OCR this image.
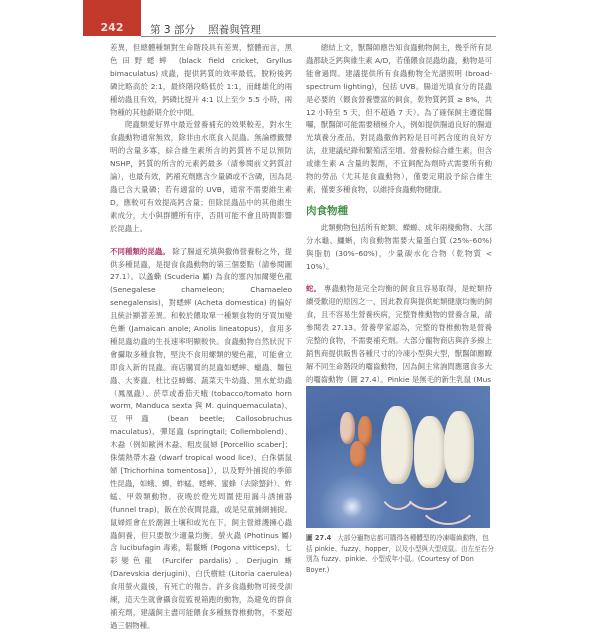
242	第 3 部分 照養與管理

差異，但總體種類對生命階段具有差異，整體而言，黑色田野蟋蟀 (black field cricket, Gryllus bimaculatus) 成蟲，提供鈣質的效率最低，脫粉後鈣磷比略高於 2:1，最終階段略低於 1:1，而雌雄化的兩種幼蟲且有效，鈣磷比提升 4:1 以上至少 5.5 小時，兩物種的其他齡期介於中間。

爬蟲類愛好界中最近營養補充的效果較差，對水生食蟲動物通常無效，除非由水底食入昆蟲。無論標籤聲明的含量多寡，綜合維生素所含的鈣質皆不足以預防 NSHP，鈣質的所含的元素鈣最多（請參閱前文鈣質討論），也最有效，鈣補充劑應含少量磷或不含磷，因為昆蟲已含大量磷；若有適當的 UVB，通常不需要維生素 D，應較可有效提高鈣含量；但除昆蟲品中的其他維生素成分，大小與群體所有序，否則可能不會且時間影響於昆蟲上。

不同種類的昆蟲。 除了腸道充填與撒佈營養粉之外，提供多種昆蟲，是提食食蟲動物的第三個要點（請參閱圖 27.1）。以螽蟖 (Scuderia 屬) 為食的塞內加爾變色龍 (Senegalese chameleon; Chamaeleo senegalensis)，對蟋蟀 (Acheta domestica) 的偏好且統計顯著差異。和較於餵取單一種類食物的牙買加變色蜥 (Jamaican anole; Anolis lineatopus)，食用多種昆蟲幼蟲的生長速率明顯較快。食蟲動物自然狀況下會攝取多種食物，堅決不食用螺類的變色龍，可能會立即食入新的昆蟲。商店購買的昆蟲如蟋蟀、蠟蟲、麵包蟲、大麥蟲、杜比亞蟑螂、蔬菜天牛幼蟲、黑水虻幼蟲（鳳凰蟲）、菸草或番茄天蛾 (tobacco/tomato horn worm, Manduca sexta 與 M. quinquemaculata)、豆甲蟲 (bean beetle; Callosobruchus maculatus)、彈尾蟲 (springtail; Collembolend)、木蝨（例如歐洲木蝨、粗皮鼠婦 [Porcellio scaber]；侏儒熱帶木蝨 (dwarf tropical wood lice)、白侏儒鼠婦 [Trichorhina tomentosa]），以及野外捕捉的季節性昆蟲，如蛾、蟬、蚱蜢、蟋蟀、蜜蜂（去除螫針）、蚱蜢、甲殼類動物、夜晚於燈光周圍使用漏斗誘捕器 (funnel trap)，飯在於夜間昆蟲，或是兒童捕網捕捉。鼠婦經會在於潮濕土壤和或光在下，飼主營維護擁心蟲蟲飼養，但只要散少適量均衡。螢火蟲 (Photinus 屬) 含 lucibufagin 毒素，鬆鬣蜥 (Pogona vitticeps)、七彩變色龍 (Furcifer pardalis)、Derjugin 蜥 (Darevskia derjugini)、白氏樹蛙 (Litoria caerulea) 食用螢火蟲後，有死亡的報告。許多食蟲動物可接受訓練，這天生就會攝食從監視箱跑的動物，為避免的群食補充劑，建議飼主盡可能餵食多種無脊椎動物，不要超過三個物種。

總結上文，獸醫師應告知食蟲動物飼主，幾乎所有昆蟲都缺乏鈣與維生素 A/D，若僅餵食昆蟲幼蟲，動物是可能會過問。建議提供所有食蟲動物全光譜照明 (broad-spectrum lighting)，包括 UVB。腸道光填食分的昆蟲是必要的（餵食營養豐富的飼食，乾物質鈣質 ≥ 8%，共 12 小時至 5 天，但不超過 7 天）。為了確保飼主遵從醫囑，獸醫師可能需要積極介入，例如提供腸道良好的腸道光填養分產品，對昆蟲撒佈鈣粉是目可鈣含度的良好方法，並建議紀錄和繁殖活至增。營養粉綜合維生素，但含或維生素 A 含量的製劑，不宜飼配為劑時式需要所有動物的勞品（尤其是食蟲動物），僅要定期設予綜合維生素，僅要多種食物，以維持食蟲動物健康。

肉食物種

此類動物包括所有蛇類、蠑螈、成年兩棲動物、大部分水龜、鱷蜥，肉食動物需要大量蛋白質 (25%–60%) 與脂肪 (30%–60%)，少量碳水化合物（乾物質 < 10%）。

蛇。 專蟲動物是完全均衡的飼食且容易取得，是蛇類持續受歡迎的原因之一，因此教育與提供蛇類健康均衡的飼食，且不容易生營養疾病，完整脊椎動物的營養含量，請參閱表 27.13。營養學家認為，完整的脊椎動物是營養完整的食物，不需要補充劑。大部分寵物商店與許多線上銷售商提供販售各種尺寸的冷凍小型與大型，獸醫師應瞭解不同生命階段的囓齒動物，因為飼主常詢問應選食多大的囓齒動物（圖 27.4）。Pinkie 是無毛的新生乳鼠 (Mus

圖 27.4 大部分寵物店都可購得各種體型的冷凍囓齒動物，包括 pinkie、fuzzy、hopper，以及小型與大型成鼠。由左至右分別為 fuzzy、pinkie、小型成年小鼠。(Courtesy of Don Boyer.)
